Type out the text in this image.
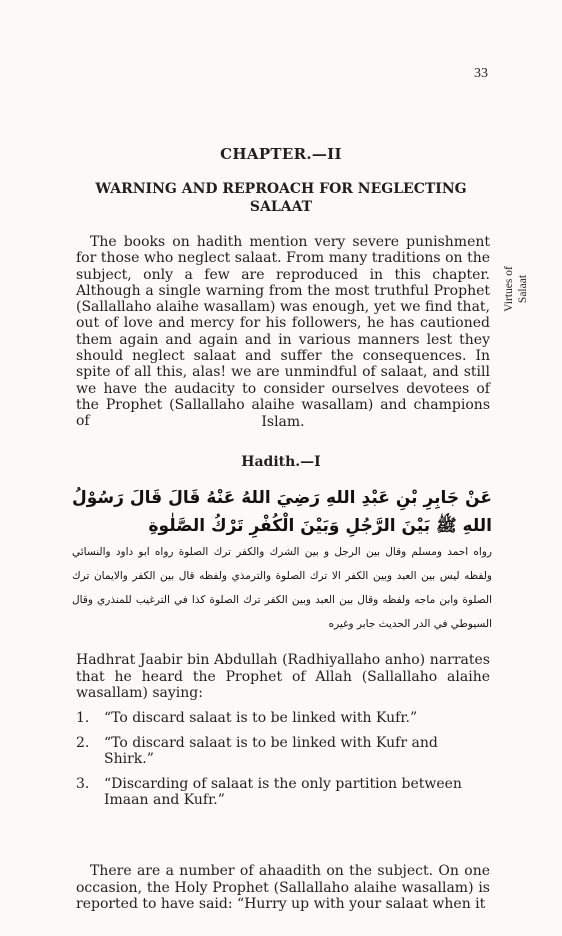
33
Virtues of Salaat
CHAPTER.—II
WARNING AND REPROACH FOR NEGLECTING SALAAT
The books on hadith mention very severe punishment for those who neglect salaat. From many traditions on the subject, only a few are reproduced in this chapter. Although a single warning from the most truthful Prophet (Sallallaho alaihe wasallam) was enough, yet we find that, out of love and mercy for his followers, he has cautioned them again and again and in various manners lest they should neglect salaat and suffer the consequences. In spite of all this, alas! we are unmindful of salaat, and still we have the audacity to consider ourselves devotees of the Prophet (Sallallaho alaihe wasallam) and champions of	Islam.
Hadith.—I
عَنْ جَابِرِ بْنِ عَبْدِ اللهِ رَضِيَ اللهُ عَنْهُ قَالَ قَالَ رَسُوْلُ اللهِ ﷺ بَيْنَ الرَّجُلِ وَبَيْنَ الْكُفْرِ تَرْكُ الصَّلٰوةِ
رواه احمد ومسلم وقال بين الرجل و بين الشرك والكفر ترك الصلوة رواه ابو داود والنسائي ولفظه ليس بين العبد وبين الكفر الا ترك الصلوة والترمذي ولفظه قال بين الكفر والايمان ترك الصلوة وابن ماجه ولفظه وقال بين العبد وبين الكفر ترك الصلوة كذا في الترغيب للمنذري وقال السيوطي في الدر الحديث جابر وغيره
Hadhrat Jaabir bin Abdullah (Radhiyallaho anho) narrates that he heard the Prophet of Allah (Sallallaho alaihe wasallam) saying:
1.	“To discard salaat is to be linked with Kufr.”
2.	“To discard salaat is to be linked with Kufr and Shirk.”
3.	“Discarding of salaat is the only partition between Imaan and Kufr.”
There are a number of ahaadith on the subject. On one occasion, the Holy Prophet (Sallallaho alaihe wasallam) is reported to have said: “Hurry up with your salaat when it
